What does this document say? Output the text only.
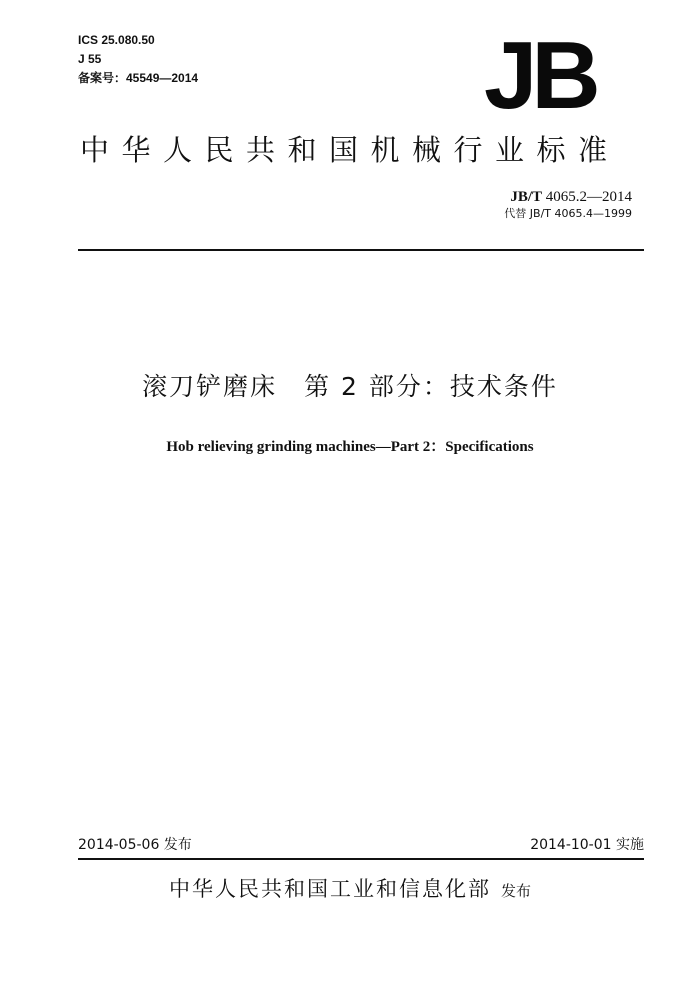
ICS 25.080.50
J 55
备案号：45549—2014	JB
中华人民共和国机械行业标准
JB/T 4065.2—2014
代替 JB/T 4065.4—1999
滚刀铲磨床　第 2 部分：技术条件
Hob relieving grinding machines—Part 2：Specifications
2014-05-06 发布	2014-10-01 实施
中华人民共和国工业和信息化部 发布
